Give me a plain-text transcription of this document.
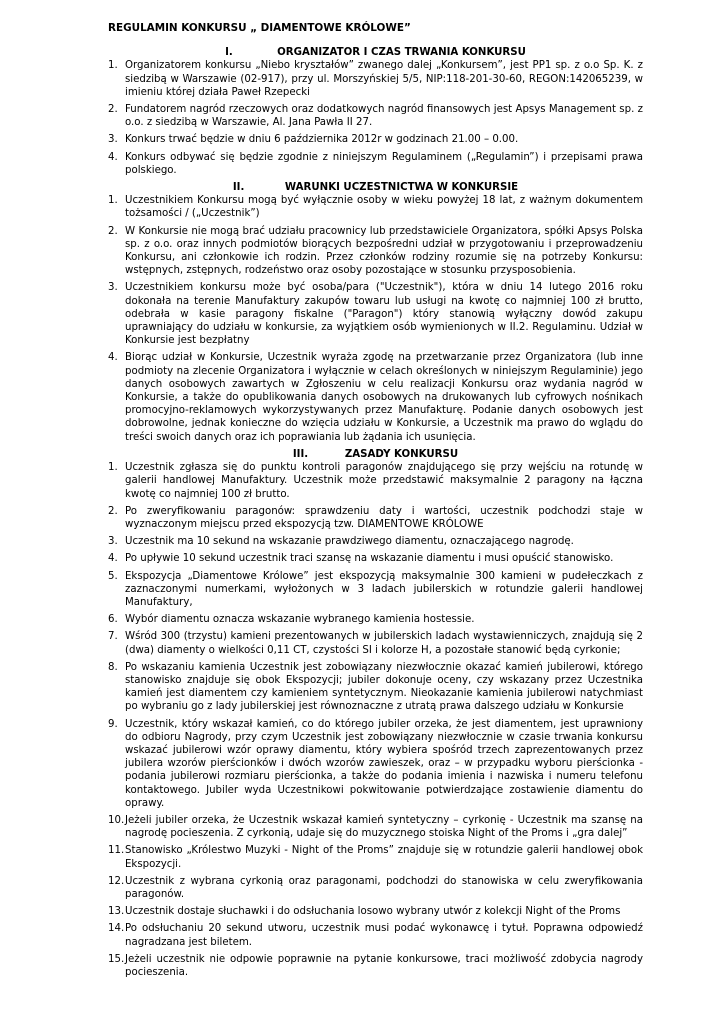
REGULAMIN KONKURSU „ DIAMENTOWE KRÓLOWE”
I.	ORGANIZATOR I CZAS TRWANIA KONKURSU
1. Organizatorem konkursu „Niebo kryształów” zwanego dalej „Konkursem”, jest PP1 sp. z o.o Sp. K. z siedzibą w Warszawie (02-917), przy ul. Morszyńskiej 5/5, NIP:118-201-30-60, REGON:142065239, w imieniu której działa Paweł Rzepecki
2. Fundatorem nagród rzeczowych oraz dodatkowych nagród finansowych jest Apsys Management sp. z o.o. z siedzibą w Warszawie, Al. Jana Pawła II 27.
3. Konkurs trwać będzie w dniu 6 października 2012r w godzinach 21.00 – 0.00.
4. Konkurs odbywać się będzie zgodnie z niniejszym Regulaminem („Regulamin”) i przepisami prawa polskiego.
II.	WARUNKI UCZESTNICTWA W KONKURSIE
1. Uczestnikiem Konkursu mogą być wyłącznie osoby w wieku powyżej 18 lat, z ważnym dokumentem tożsamości / („Uczestnik”)
2. W Konkursie nie mogą brać udziału pracownicy lub przedstawiciele Organizatora, spółki Apsys Polska sp. z o.o. oraz innych podmiotów biorących bezpośredni udział w przygotowaniu i przeprowadzeniu Konkursu, ani członkowie ich rodzin. Przez członków rodziny rozumie się na potrzeby Konkursu: wstępnych, zstępnych, rodzeństwo oraz osoby pozostające w stosunku przysposobienia.
3. Uczestnikiem konkursu może być osoba/para ("Uczestnik"), która w dniu 14 lutego 2016 roku dokonała na terenie Manufaktury zakupów towaru lub usługi na kwotę co najmniej 100 zł brutto, odebrała w kasie paragony fiskalne ("Paragon") który stanowią wyłączny dowód zakupu uprawniający do udziału w konkursie, za wyjątkiem osób wymienionych w II.2. Regulaminu. Udział w Konkursie jest bezpłatny
4. Biorąc udział w Konkursie, Uczestnik wyraża zgodę na przetwarzanie przez Organizatora (lub inne podmioty na zlecenie Organizatora i wyłącznie w celach określonych w niniejszym Regulaminie) jego danych osobowych zawartych w Zgłoszeniu w celu realizacji Konkursu oraz wydania nagród w Konkursie, a także do opublikowania danych osobowych na drukowanych lub cyfrowych nośnikach promocyjno-reklamowych wykorzystywanych przez Manufakturę. Podanie danych osobowych jest dobrowolne, jednak konieczne do wzięcia udziału w Konkursie, a Uczestnik ma prawo do wglądu do treści swoich danych oraz ich poprawiania lub żądania ich usunięcia.
III.	ZASADY KONKURSU
1. Uczestnik zgłasza się do punktu kontroli paragonów znajdującego się przy wejściu na rotundę w galerii handlowej Manufaktury. Uczestnik może przedstawić maksymalnie 2 paragony na łączna kwotę co najmniej 100 zł brutto.
2. Po zweryfikowaniu paragonów: sprawdzeniu daty i wartości, uczestnik podchodzi staje w wyznaczonym miejscu przed ekspozycją tzw. DIAMENTOWE KRÓLOWE
3. Uczestnik ma 10 sekund na wskazanie prawdziwego diamentu, oznaczającego nagrodę.
4. Po upływie 10 sekund uczestnik traci szansę na wskazanie diamentu i musi opuścić stanowisko.
5. Ekspozycja „Diamentowe Królowe” jest ekspozycją maksymalnie 300 kamieni w pudełeczkach z zaznaczonymi numerkami, wyłożonych w 3 ladach jubilerskich w rotundzie galerii handlowej Manufaktury,
6. Wybór diamentu oznacza wskazanie wybranego kamienia hostessie.
7. Wśród 300 (trzystu) kamieni prezentowanych w jubilerskich ladach wystawienniczych, znajdują się 2 (dwa) diamenty o wielkości 0,11 CT, czystości SI i kolorze H, a pozostałe stanowić będą cyrkonie;
8. Po wskazaniu kamienia Uczestnik jest zobowiązany niezwłocznie okazać kamień jubilerowi, którego stanowisko znajduje się obok Ekspozycji; jubiler dokonuje oceny, czy wskazany przez Uczestnika kamień jest diamentem czy kamieniem syntetycznym. Nieokazanie kamienia jubilerowi natychmiast po wybraniu go z lady jubilerskiej jest równoznaczne z utratą prawa dalszego udziału w Konkursie
9. Uczestnik, który wskazał kamień, co do którego jubiler orzeka, że jest diamentem, jest uprawniony do odbioru Nagrody, przy czym Uczestnik jest zobowiązany niezwłocznie w czasie trwania konkursu wskazać jubilerowi wzór oprawy diamentu, który wybiera spośród trzech zaprezentowanych przez jubilera wzorów pierścionków i dwóch wzorów zawieszek, oraz – w przypadku wyboru pierścionka - podania jubilerowi rozmiaru pierścionka, a także do podania imienia i nazwiska i numeru telefonu kontaktowego. Jubiler wyda Uczestnikowi pokwitowanie potwierdzające zostawienie diamentu do oprawy.
10. Jeżeli jubiler orzeka, że Uczestnik wskazał kamień syntetyczny – cyrkonię - Uczestnik ma szansę na nagrodę pocieszenia. Z cyrkonią, udaje się do muzycznego stoiska Night of the Proms i „gra dalej”
11. Stanowisko „Królestwo Muzyki - Night of the Proms” znajduje się w rotundzie galerii handlowej obok Ekspozycji.
12. Uczestnik z wybrana cyrkonią oraz paragonami, podchodzi do stanowiska w celu zweryfikowania paragonów.
13. Uczestnik dostaje słuchawki i do odsłuchania losowo wybrany utwór z kolekcji Night of the Proms
14. Po odsłuchaniu 20 sekund utworu, uczestnik musi podać wykonawcę i tytuł. Poprawna odpowiedź nagradzana jest biletem.
15. Jeżeli uczestnik nie odpowie poprawnie na pytanie konkursowe, traci możliwość zdobycia nagrody pocieszenia.
